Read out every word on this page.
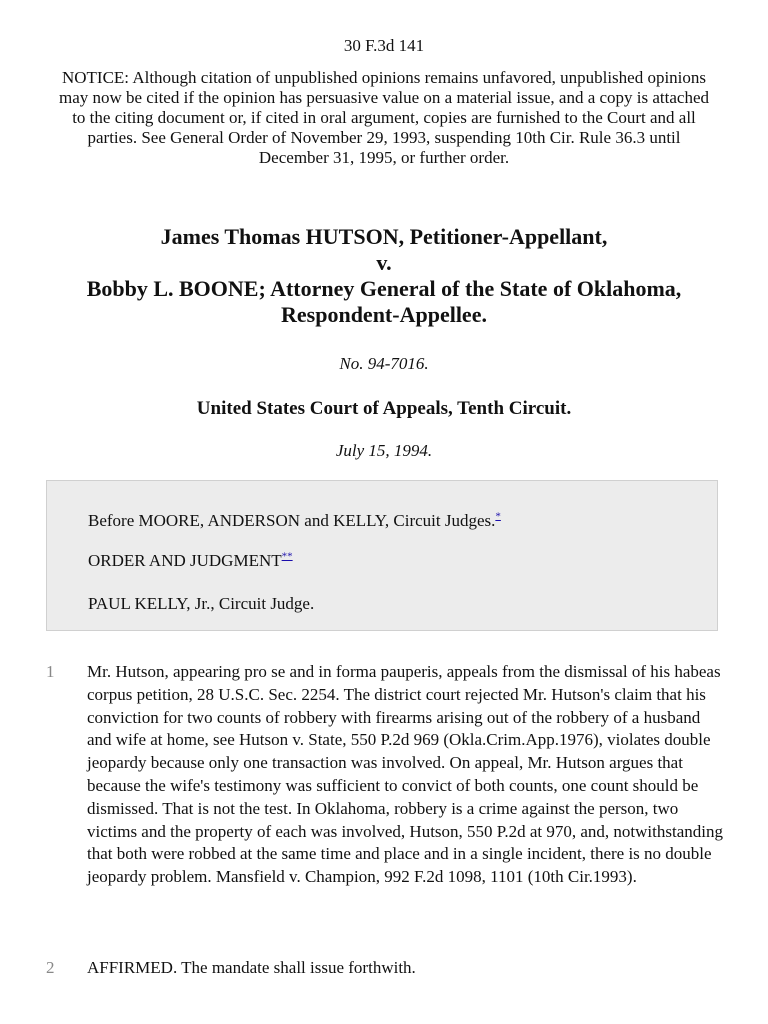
30 F.3d 141
NOTICE: Although citation of unpublished opinions remains unfavored, unpublished opinions may now be cited if the opinion has persuasive value on a material issue, and a copy is attached to the citing document or, if cited in oral argument, copies are furnished to the Court and all parties. See General Order of November 29, 1993, suspending 10th Cir. Rule 36.3 until December 31, 1995, or further order.
James Thomas HUTSON, Petitioner-Appellant,
v.
Bobby L. BOONE; Attorney General of the State of Oklahoma,
Respondent-Appellee.
No. 94-7016.
United States Court of Appeals, Tenth Circuit.
July 15, 1994.
Before MOORE, ANDERSON and KELLY, Circuit Judges.*
ORDER AND JUDGMENT**
PAUL KELLY, Jr., Circuit Judge.
1 Mr. Hutson, appearing pro se and in forma pauperis, appeals from the dismissal of his habeas corpus petition, 28 U.S.C. Sec. 2254. The district court rejected Mr. Hutson's claim that his conviction for two counts of robbery with firearms arising out of the robbery of a husband and wife at home, see Hutson v. State, 550 P.2d 969 (Okla.Crim.App.1976), violates double jeopardy because only one transaction was involved. On appeal, Mr. Hutson argues that because the wife's testimony was sufficient to convict of both counts, one count should be dismissed. That is not the test. In Oklahoma, robbery is a crime against the person, two victims and the property of each was involved, Hutson, 550 P.2d at 970, and, notwithstanding that both were robbed at the same time and place and in a single incident, there is no double jeopardy problem. Mansfield v. Champion, 992 F.2d 1098, 1101 (10th Cir.1993).
2 AFFIRMED. The mandate shall issue forthwith.
